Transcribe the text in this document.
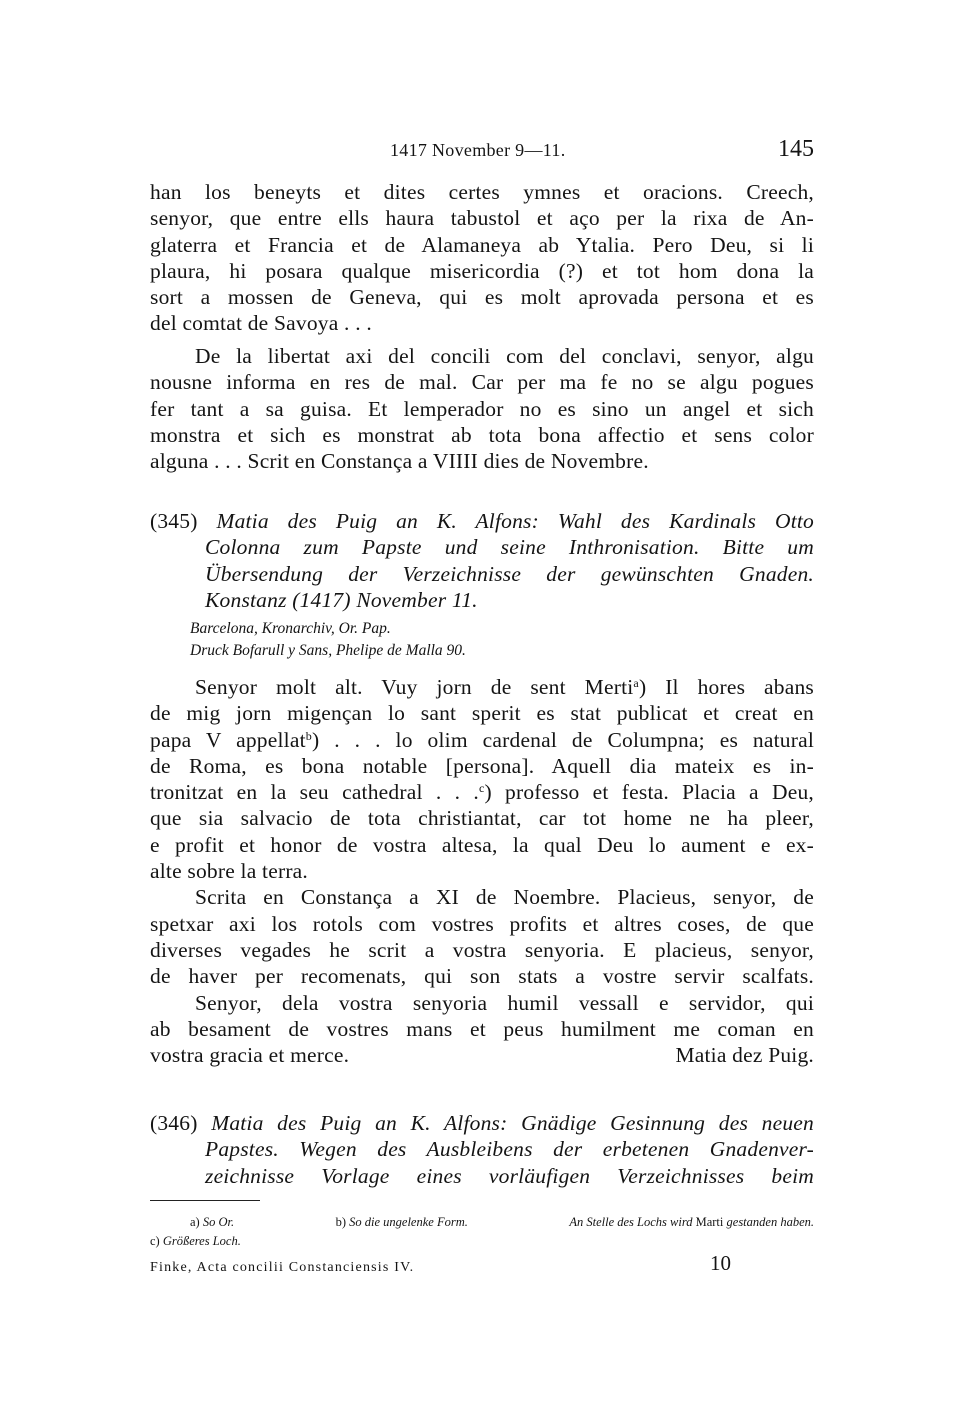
1417 November 9—11.	145
han los beneyts et dites certes ymnes et oracions. Creech,
senyor, que entre ells haura tabustol et aço per la rixa de An-
glaterra et Francia et de Alamaneya ab Ytalia. Pero Deu, si li
plaura, hi posara qualque misericordia (?) et tot hom dona la
sort a mossen de Geneva, qui es molt aprovada persona et es
del comtat de Savoya . . .
De la libertat axi del concili com del conclavi, senyor, algu
nousne informa en res de mal. Car per ma fe no se algu pogues
fer tant a sa guisa. Et lemperador no es sino un angel et sich
monstra et sich es monstrat ab tota bona affectio et sens color
alguna . . . Scrit en Constança a VIIII dies de Novembre.
(345) Matia des Puig an K. Alfons: Wahl des Kardinals Otto
Colonna zum Papste und seine Inthronisation. Bitte um
Übersendung der Verzeichnisse der gewünschten Gnaden.
Konstanz (1417) November 11.
Barcelona, Kronarchiv, Or. Pap.
Druck Bofarull y Sans, Phelipe de Malla 90.
Senyor molt alt. Vuy jorn de sent Merti$^a$) Il hores abans
de mig jorn migençan lo sant sperit es stat publicat et creat en
papa V appellat$^b$) . . . lo olim cardenal de Columpna; es natural
de Roma, es bona notable [persona]. Aquell dia mateix es in-
tronitzat en la seu cathedral . . .$^c$) professo et festa. Placia a Deu,
que sia salvacio de tota christiantat, car tot home ne ha pleer,
e profit et honor de vostra altesa, la qual Deu lo aument e ex-
alte sobre la terra.
Scrita en Constança a XI de Noembre. Placieus, senyor, de
spetxar axi los rotols com vostres profits et altres coses, de que
diverses vegades he scrit a vostra senyoria. E placieus, senyor,
de haver per recomenats, qui son stats a vostre servir scalfats.
Senyor, dela vostra senyoria humil vessall e servidor, qui
ab besament de vostres mans et peus humilment me coman en
vostra gracia et merce.	Matia dez Puig.
(346) Matia des Puig an K. Alfons: Gnädige Gesinnung des neuen
Papstes. Wegen des Ausbleibens der erbetenen Gnadenver-
zeichnisse Vorlage eines vorläufigen Verzeichnisses beim
a) So Or.	b) So die ungelenke Form.	An Stelle des Lochs wird Marti gestanden haben.
c) Größeres Loch.
Finke, Acta concilii Constanciensis IV.	10
